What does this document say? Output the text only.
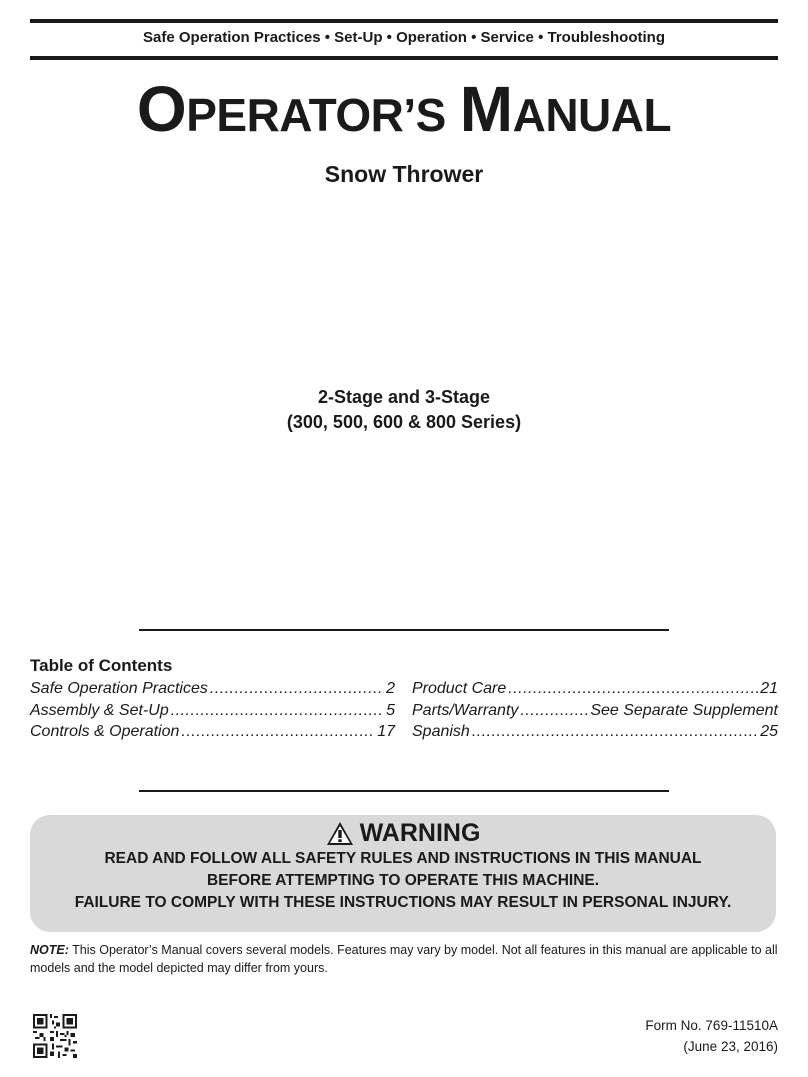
Safe Operation Practices • Set-Up • Operation • Service • Troubleshooting
OPERATOR’S MANUAL
Snow Thrower
2-Stage and 3-Stage
(300, 500, 600 & 800 Series)
Table of Contents
Safe Operation Practices .....	2
Assembly & Set-Up .....	5
Controls & Operation .....	17
Product Care .....	21
Parts/Warranty .....	See Separate Supplement
Spanish .....	25
WARNING
READ AND FOLLOW ALL SAFETY RULES AND INSTRUCTIONS IN THIS MANUAL
BEFORE ATTEMPTING TO OPERATE THIS MACHINE.
FAILURE TO COMPLY WITH THESE INSTRUCTIONS MAY RESULT IN PERSONAL INJURY.
NOTE: This Operator’s Manual covers several models. Features may vary by model. Not all features in this manual are applicable to all models and the model depicted may differ from yours.
Form No. 769-11510A
(June 23, 2016)
